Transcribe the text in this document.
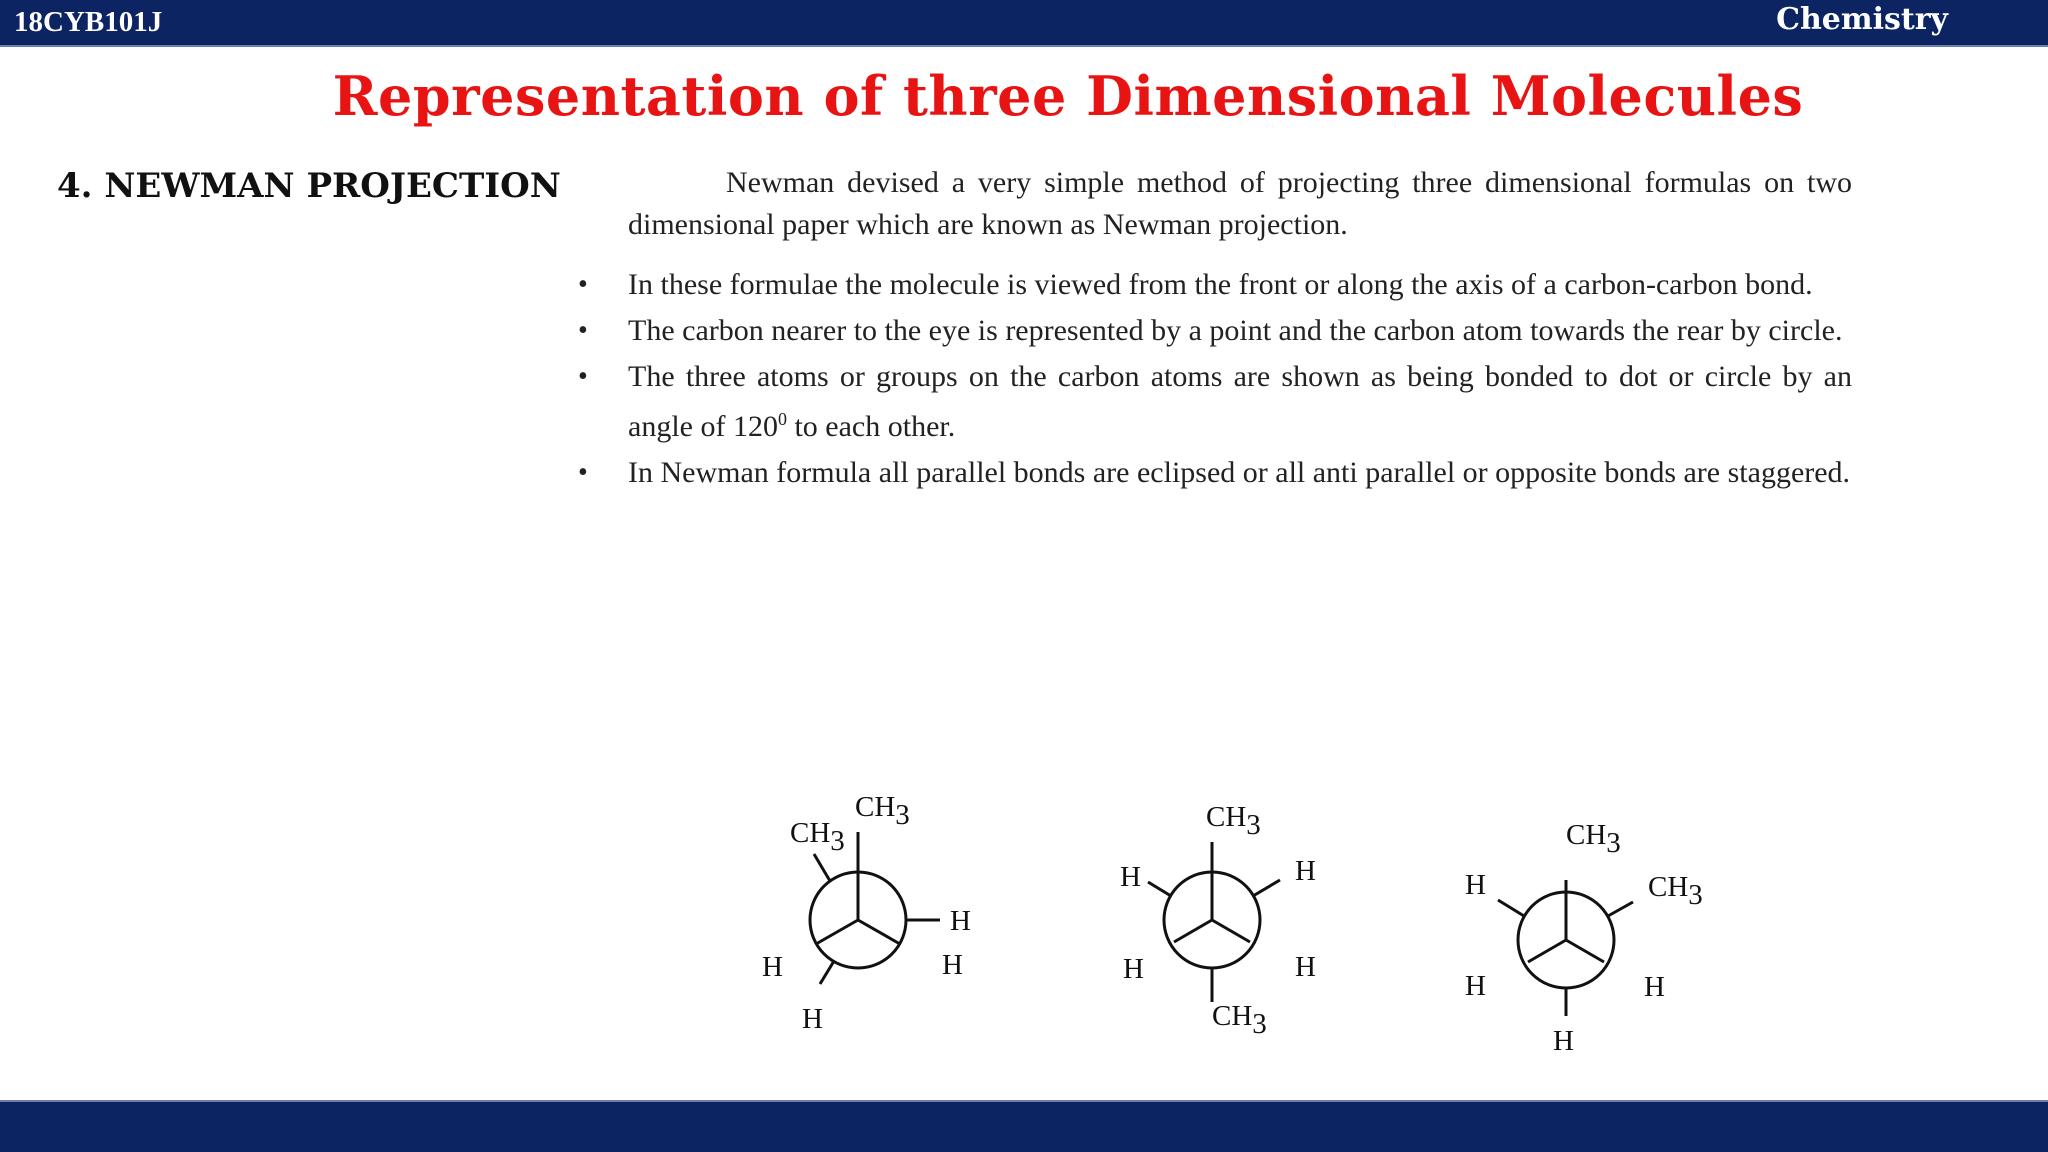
18CYB101J	Chemistry
Representation of three Dimensional Molecules
4. NEWMAN PROJECTION	Newman devised a very simple method of projecting three dimensional formulas on two dimensional paper which are known as Newman projection.
• In these formulae the molecule is viewed from the front or along the axis of a carbon-carbon bond.
• The carbon nearer to the eye is represented by a point and the carbon atom towards the rear by circle.
• The three atoms or groups on the carbon atoms are shown as being bonded to dot or circle by an angle of $120^0$ to each other.
• In Newman formula all parallel bonds are eclipsed or all anti parallel or opposite bonds are staggered.
CH3
CH3
H
H
H
H
CH3
H
H
H	H
CH3
CH3
CH3
H
H	H
H
